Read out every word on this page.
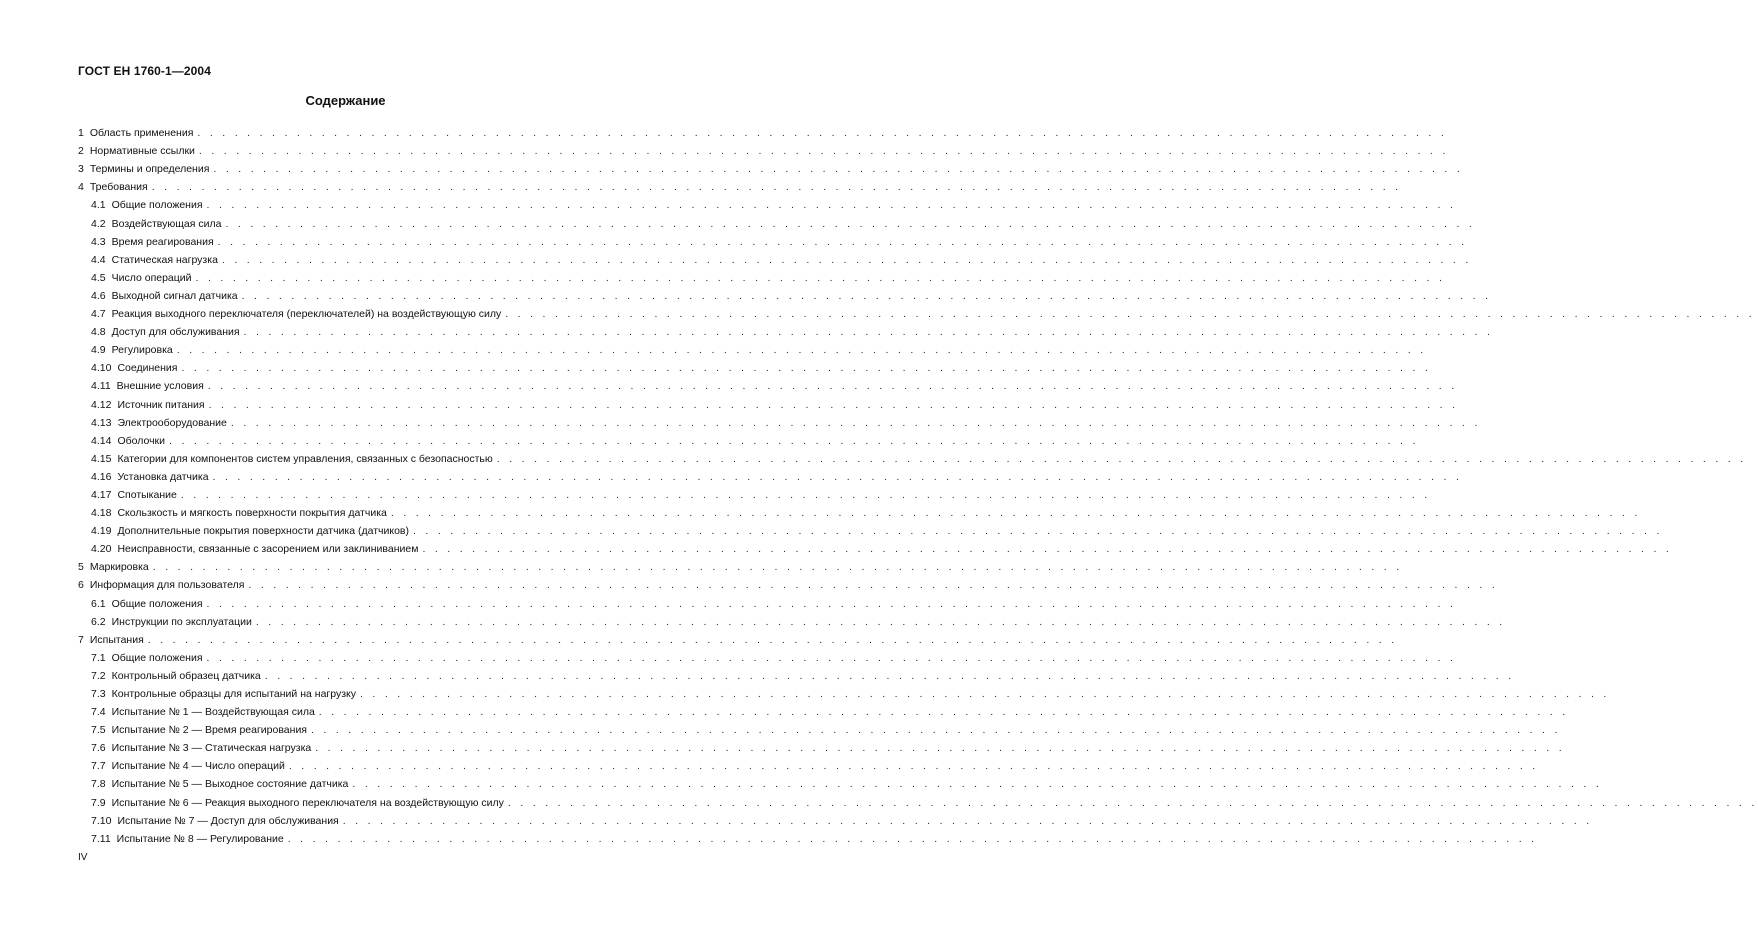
ГОСТ ЕН 1760-1—2004
Содержание
1 Область применения . . . . . . . . . . . . . . . . . . . . . . . . . . . . . . . . . . . . . . . . . . . . . . . . . . . . . . . . . . . . . . . . . . . . . . . . . . . . . . . . . . . . . . . . . . . . . . . . . . . . .
2 Нормативные ссылки . . . . . . . . . . . . . . . . . . . . . . . . . . . . . . . . . . . . . . . . . . . . . . . . . . . . . . . . . . . . . . . . . . . . . . . . . . . . . . . . . . . . . . . . . . . . . . . . . . . . .
3 Термины и определения . . . . . . . . . . . . . . . . . . . . . . . . . . . . . . . . . . . . . . . . . . . . . . . . . . . . . . . . . . . . . . . . . . . . . . . . . . . . . . . . . . . . . . . . . . . . . . . . . . . . .
4 Требования . . . . . . . . . . . . . . . . . . . . . . . . . . . . . . . . . . . . . . . . . . . . . . . . . . . . . . . . . . . . . . . . . . . . . . . . . . . . . . . . . . . . . . . . . . . . . . . . . . . . .
4.1 Общие положения . . . . . . . . . . . . . . . . . . . . . . . . . . . . . . . . . . . . . . . . . . . . . . . . . . . . . . . . . . . . . . . . . . . . . . . . . . . . . . . . . . . . . . . . . . . . . . . . . . . . .
4.2 Воздействующая сила . . . . . . . . . . . . . . . . . . . . . . . . . . . . . . . . . . . . . . . . . . . . . . . . . . . . . . . . . . . . . . . . . . . . . . . . . . . . . . . . . . . . . . . . . . . . . . . . . . . . .
4.3 Время реагирования . . . . . . . . . . . . . . . . . . . . . . . . . . . . . . . . . . . . . . . . . . . . . . . . . . . . . . . . . . . . . . . . . . . . . . . . . . . . . . . . . . . . . . . . . . . . . . . . . . . . .
4.4 Статическая нагрузка . . . . . . . . . . . . . . . . . . . . . . . . . . . . . . . . . . . . . . . . . . . . . . . . . . . . . . . . . . . . . . . . . . . . . . . . . . . . . . . . . . . . . . . . . . . . . . . . . . . . .
4.5 Число операций . . . . . . . . . . . . . . . . . . . . . . . . . . . . . . . . . . . . . . . . . . . . . . . . . . . . . . . . . . . . . . . . . . . . . . . . . . . . . . . . . . . . . . . . . . . . . . . . . . . . .
4.6 Выходной сигнал датчика . . . . . . . . . . . . . . . . . . . . . . . . . . . . . . . . . . . . . . . . . . . . . . . . . . . . . . . . . . . . . . . . . . . . . . . . . . . . . . . . . . . . . . . . . . . . . . . . . . . . .
4.7 Реакция выходного переключателя (переключателей) на воздействующую силу . . . . . . . . . . . . . . . . . . . . . . . . . . . . . . . . . . . . . . . . . . . . . . . . . . . . . . . . . . . . . . . . . . . . . . . . . . . . . . . . . . . . . . . . . . . . . . . . . . . . .
4.8 Доступ для обслуживания . . . . . . . . . . . . . . . . . . . . . . . . . . . . . . . . . . . . . . . . . . . . . . . . . . . . . . . . . . . . . . . . . . . . . . . . . . . . . . . . . . . . . . . . . . . . . . . . . . . . .
4.9 Регулировка . . . . . . . . . . . . . . . . . . . . . . . . . . . . . . . . . . . . . . . . . . . . . . . . . . . . . . . . . . . . . . . . . . . . . . . . . . . . . . . . . . . . . . . . . . . . . . . . . . . . .
4.10 Соединения . . . . . . . . . . . . . . . . . . . . . . . . . . . . . . . . . . . . . . . . . . . . . . . . . . . . . . . . . . . . . . . . . . . . . . . . . . . . . . . . . . . . . . . . . . . . . . . . . . . . .
4.11 Внешние условия . . . . . . . . . . . . . . . . . . . . . . . . . . . . . . . . . . . . . . . . . . . . . . . . . . . . . . . . . . . . . . . . . . . . . . . . . . . . . . . . . . . . . . . . . . . . . . . . . . . . .
4.12 Источник питания . . . . . . . . . . . . . . . . . . . . . . . . . . . . . . . . . . . . . . . . . . . . . . . . . . . . . . . . . . . . . . . . . . . . . . . . . . . . . . . . . . . . . . . . . . . . . . . . . . . . .
4.13 Электрооборудование . . . . . . . . . . . . . . . . . . . . . . . . . . . . . . . . . . . . . . . . . . . . . . . . . . . . . . . . . . . . . . . . . . . . . . . . . . . . . . . . . . . . . . . . . . . . . . . . . . . . .
4.14 Оболочки . . . . . . . . . . . . . . . . . . . . . . . . . . . . . . . . . . . . . . . . . . . . . . . . . . . . . . . . . . . . . . . . . . . . . . . . . . . . . . . . . . . . . . . . . . . . . . . . . . . . .
4.15 Категории для компонентов систем управления, связанных с безопасностью . . . . . . . . . . . . . . . . . . . . . . . . . . . . . . . . . . . . . . . . . . . . . . . . . . . . . . . . . . . . . . . . . . . . . . . . . . . . . . . . . . . . . . . . . . . . . . . . . . . . .
4.16 Установка датчика . . . . . . . . . . . . . . . . . . . . . . . . . . . . . . . . . . . . . . . . . . . . . . . . . . . . . . . . . . . . . . . . . . . . . . . . . . . . . . . . . . . . . . . . . . . . . . . . . . . . .
4.17 Спотыкание . . . . . . . . . . . . . . . . . . . . . . . . . . . . . . . . . . . . . . . . . . . . . . . . . . . . . . . . . . . . . . . . . . . . . . . . . . . . . . . . . . . . . . . . . . . . . . . . . . . . .
4.18 Скользкость и мягкость поверхности покрытия датчика . . . . . . . . . . . . . . . . . . . . . . . . . . . . . . . . . . . . . . . . . . . . . . . . . . . . . . . . . . . . . . . . . . . . . . . . . . . . . . . . . . . . . . . . . . . . . . . . . . . . .
4.19 Дополнительные покрытия поверхности датчика (датчиков) . . . . . . . . . . . . . . . . . . . . . . . . . . . . . . . . . . . . . . . . . . . . . . . . . . . . . . . . . . . . . . . . . . . . . . . . . . . . . . . . . . . . . . . . . . . . . . . . . . . . .
4.20 Неисправности, связанные с засорением или заклиниванием . . . . . . . . . . . . . . . . . . . . . . . . . . . . . . . . . . . . . . . . . . . . . . . . . . . . . . . . . . . . . . . . . . . . . . . . . . . . . . . . . . . . . . . . . . . . . . . . . . . . .
5 Маркировка . . . . . . . . . . . . . . . . . . . . . . . . . . . . . . . . . . . . . . . . . . . . . . . . . . . . . . . . . . . . . . . . . . . . . . . . . . . . . . . . . . . . . . . . . . . . . . . . . . . . .
6 Информация для пользователя . . . . . . . . . . . . . . . . . . . . . . . . . . . . . . . . . . . . . . . . . . . . . . . . . . . . . . . . . . . . . . . . . . . . . . . . . . . . . . . . . . . . . . . . . . . . . . . . . . . . .
6.1 Общие положения . . . . . . . . . . . . . . . . . . . . . . . . . . . . . . . . . . . . . . . . . . . . . . . . . . . . . . . . . . . . . . . . . . . . . . . . . . . . . . . . . . . . . . . . . . . . . . . . . . . . .
6.2 Инструкции по эксплуатации . . . . . . . . . . . . . . . . . . . . . . . . . . . . . . . . . . . . . . . . . . . . . . . . . . . . . . . . . . . . . . . . . . . . . . . . . . . . . . . . . . . . . . . . . . . . . . . . . . . . .
7 Испытания . . . . . . . . . . . . . . . . . . . . . . . . . . . . . . . . . . . . . . . . . . . . . . . . . . . . . . . . . . . . . . . . . . . . . . . . . . . . . . . . . . . . . . . . . . . . . . . . . . . . .
7.1 Общие положения . . . . . . . . . . . . . . . . . . . . . . . . . . . . . . . . . . . . . . . . . . . . . . . . . . . . . . . . . . . . . . . . . . . . . . . . . . . . . . . . . . . . . . . . . . . . . . . . . . . . .
7.2 Контрольный образец датчика . . . . . . . . . . . . . . . . . . . . . . . . . . . . . . . . . . . . . . . . . . . . . . . . . . . . . . . . . . . . . . . . . . . . . . . . . . . . . . . . . . . . . . . . . . . . . . . . . . . . .
7.3 Контрольные образцы для испытаний на нагрузку . . . . . . . . . . . . . . . . . . . . . . . . . . . . . . . . . . . . . . . . . . . . . . . . . . . . . . . . . . . . . . . . . . . . . . . . . . . . . . . . . . . . . . . . . . . . . . . . . . . . .
7.4 Испытание № 1 — Воздействующая сила . . . . . . . . . . . . . . . . . . . . . . . . . . . . . . . . . . . . . . . . . . . . . . . . . . . . . . . . . . . . . . . . . . . . . . . . . . . . . . . . . . . . . . . . . . . . . . . . . . . . .
7.5 Испытание № 2 — Время реагирования . . . . . . . . . . . . . . . . . . . . . . . . . . . . . . . . . . . . . . . . . . . . . . . . . . . . . . . . . . . . . . . . . . . . . . . . . . . . . . . . . . . . . . . . . . . . . . . . . . . . .
7.6 Испытание № 3 — Статическая нагрузка . . . . . . . . . . . . . . . . . . . . . . . . . . . . . . . . . . . . . . . . . . . . . . . . . . . . . . . . . . . . . . . . . . . . . . . . . . . . . . . . . . . . . . . . . . . . . . . . . . . . .
7.7 Испытание № 4 — Число операций . . . . . . . . . . . . . . . . . . . . . . . . . . . . . . . . . . . . . . . . . . . . . . . . . . . . . . . . . . . . . . . . . . . . . . . . . . . . . . . . . . . . . . . . . . . . . . . . . . . . .
7.8 Испытание № 5 — Выходное состояние датчика . . . . . . . . . . . . . . . . . . . . . . . . . . . . . . . . . . . . . . . . . . . . . . . . . . . . . . . . . . . . . . . . . . . . . . . . . . . . . . . . . . . . . . . . . . . . . . . . . . . . .
7.9 Испытание № 6 — Реакция выходного переключателя на воздействующую силу . . . . . . . . . . . . . . . . . . . . . . . . . . . . . . . . . . . . . . . . . . . . . . . . . . . . . . . . . . . . . . . . . . . . . . . . . . . . . . . . . . . . . . . . . . . . . . . . . . . . .
7.10 Испытание № 7 — Доступ для обслуживания . . . . . . . . . . . . . . . . . . . . . . . . . . . . . . . . . . . . . . . . . . . . . . . . . . . . . . . . . . . . . . . . . . . . . . . . . . . . . . . . . . . . . . . . . . . . . . . . . . . . .
7.11 Испытание № 8 — Регулирование . . . . . . . . . . . . . . . . . . . . . . . . . . . . . . . . . . . . . . . . . . . . . . . . . . . . . . . . . . . . . . . . . . . . . . . . . . . . . . . . . . . . . . . . . . . . . . . . . . . . .
IV
